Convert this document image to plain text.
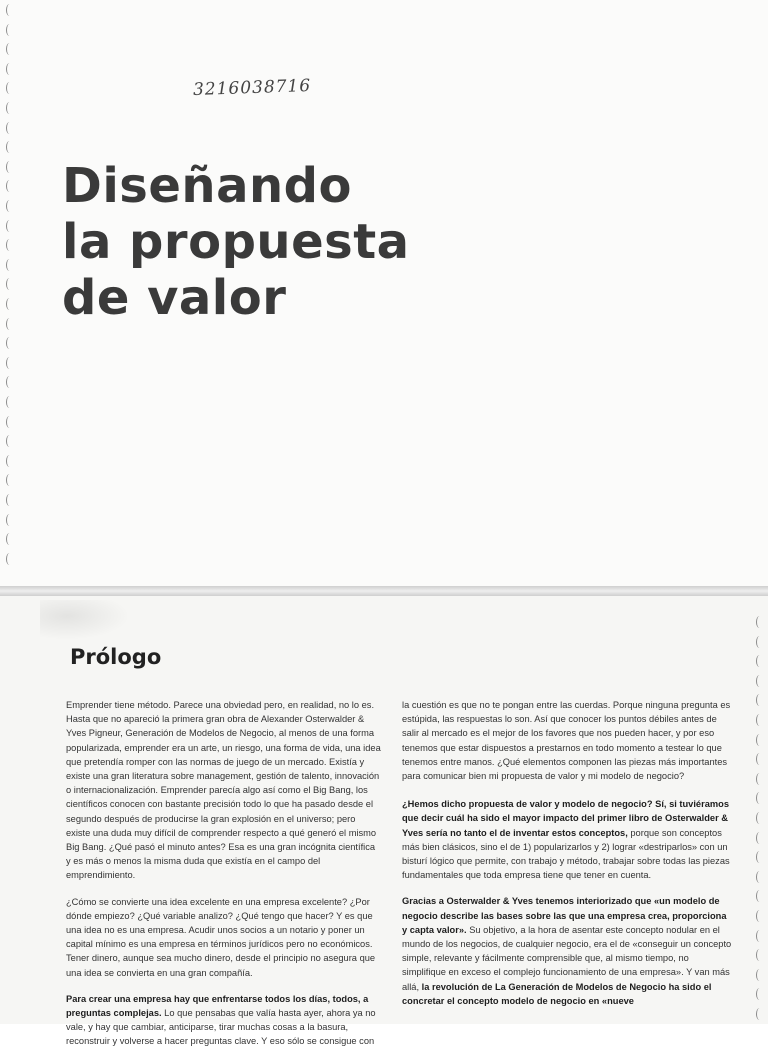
3216038716
Diseñando
la propuesta
de valor
Prólogo

Emprender tiene método. Parece una obviedad pero, en realidad, no lo es. Hasta que no apareció la primera gran obra de Alexander Osterwalder & Yves Pigneur, Generación de Modelos de Negocio, al menos de una forma popularizada, emprender era un arte, un riesgo, una forma de vida, una idea que pretendía romper con las normas de juego de un mercado. Existía y existe una gran literatura sobre management, gestión de talento, innovación o internacionalización. Emprender parecía algo así como el Big Bang, los científicos conocen con bastante precisión todo lo que ha pasado desde el segundo después de producirse la gran explosión en el universo; pero existe una duda muy difícil de comprender respecto a qué generó el mismo Big Bang. ¿Qué pasó el minuto antes? Esa es una gran incógnita científica y es más o menos la misma duda que existía en el campo del emprendimiento.

¿Cómo se convierte una idea excelente en una empresa excelente? ¿Por dónde empiezo? ¿Qué variable analizo? ¿Qué tengo que hacer? Y es que una idea no es una empresa. Acudir unos socios a un notario y poner un capital mínimo es una empresa en términos jurídicos pero no económicos. Tener dinero, aunque sea mucho dinero, desde el principio no asegura que una idea se convierta en una gran compañía.

Para crear una empresa hay que enfrentarse todos los días, todos, a preguntas complejas. Lo que pensabas que valía hasta ayer, ahora ya no vale, y hay que cambiar, anticiparse, tirar muchas cosas a la basura, reconstruir y volverse a hacer preguntas clave. Y eso sólo se consigue con

la cuestión es que no te pongan entre las cuerdas. Porque ninguna pregunta es estúpida, las respuestas lo son. Así que conocer los puntos débiles antes de salir al mercado es el mejor de los favores que nos pueden hacer, y por eso tenemos que estar dispuestos a prestarnos en todo momento a testear lo que tenemos entre manos. ¿Qué elementos componen las piezas más importantes para comunicar bien mi propuesta de valor y mi modelo de negocio?

¿Hemos dicho propuesta de valor y modelo de negocio? Sí, si tuviéramos que decir cuál ha sido el mayor impacto del primer libro de Osterwalder & Yves sería no tanto el de inventar estos conceptos, porque son conceptos más bien clásicos, sino el de 1) popularizarlos y 2) lograr «destriparlos» con un bisturí lógico que permite, con trabajo y método, trabajar sobre todas las piezas fundamentales que toda empresa tiene que tener en cuenta.

Gracias a Osterwalder & Yves tenemos interiorizado que «un modelo de negocio describe las bases sobre las que una empresa crea, proporciona y capta valor». Su objetivo, a la hora de asentar este concepto nodular en el mundo de los negocios, de cualquier negocio, era el de «conseguir un concepto simple, relevante y fácilmente comprensible que, al mismo tiempo, no simplifique en exceso el complejo funcionamiento de una empresa». Y van más allá, la revolución de La Generación de Modelos de Negocio ha sido el concretar el concepto modelo de negocio en «nueve
